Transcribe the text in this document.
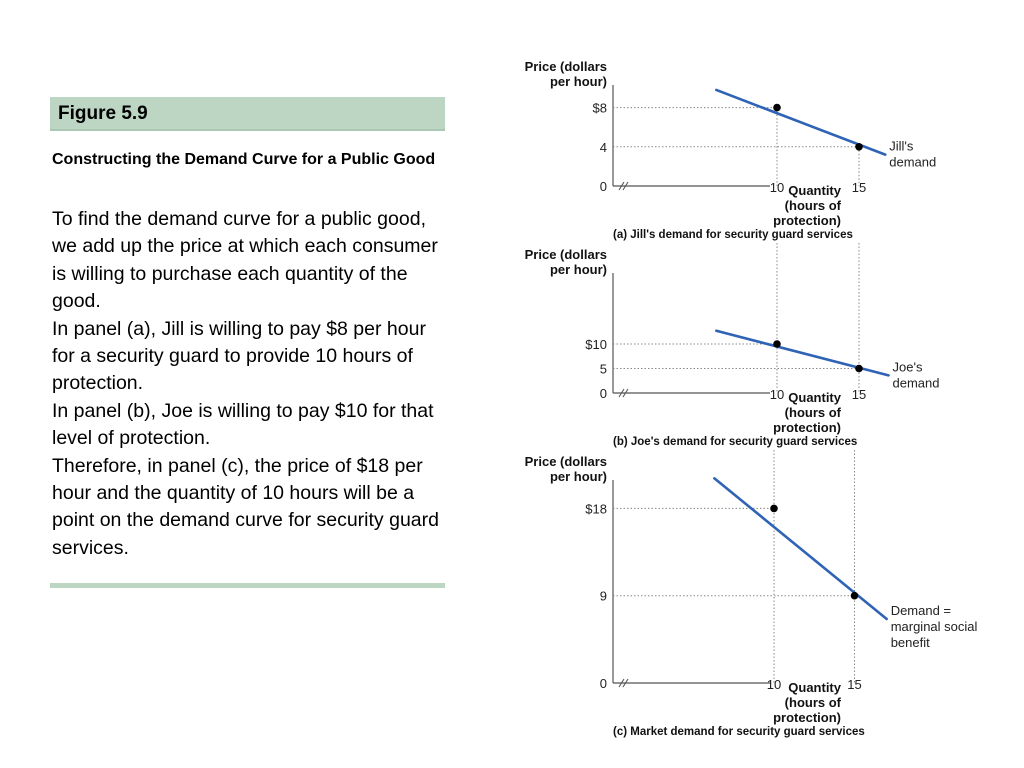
Figure 5.9
Constructing the Demand Curve for a Public Good

To find the demand curve for a public good, we add up the price at which each consumer is willing to purchase each quantity of the good.

In panel (a), Jill is willing to pay $8 per hour for a security guard to provide 10 hours of protection.

In panel (b), Joe is willing to pay $10 for that level of protection.

Therefore, in panel (c), the price of $18 per hour and the quantity of 10 hours will be a point on the demand curve for security guard services.

Price (dollars
per hour)
0
4
$8
10	15
Jill's
demand
Quantity
(hours of
protection)
(a) Jill's demand for security guard services
Price (dollars
per hour)
0
5
$10
10	15
Joe's
demand
Quantity
(hours of
protection)
(b) Joe's demand for security guard services
Price (dollars
per hour)
0
9
$18
10	15
Demand =
marginal social
benefit
Quantity
(hours of
protection)
(c) Market demand for security guard services
